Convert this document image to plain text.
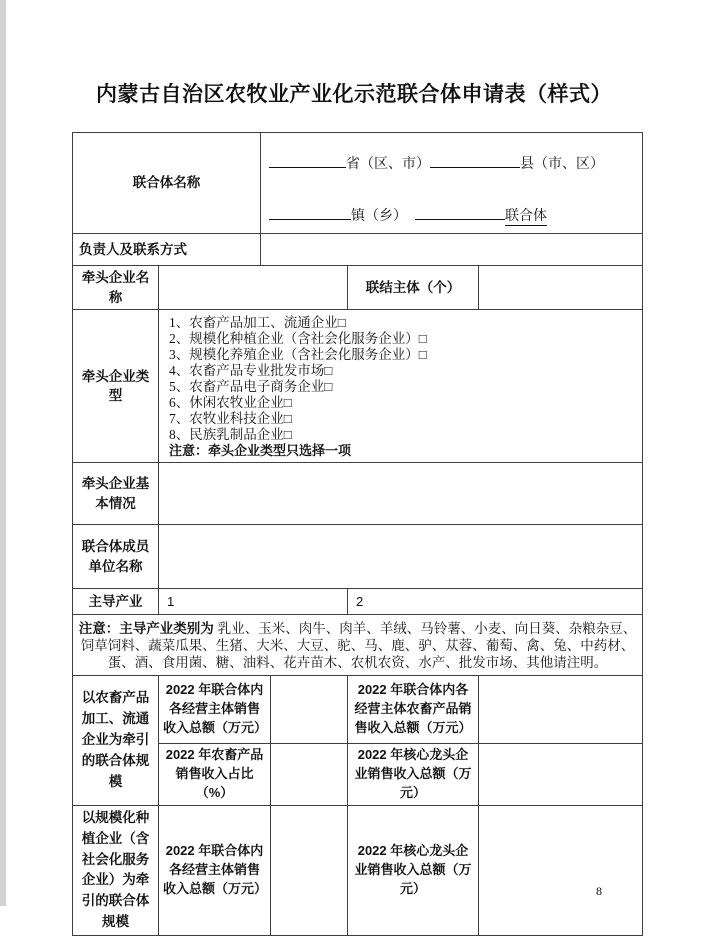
内蒙古自治区农牧业产业化示范联合体申请表（样式）
联合体名称		省（区、市） 县（市、区）
镇（乡） 联合体			

负责人及联系方式					
牵头企业名称				联结主体（个）	
牵头企业类型	
1、农畜产品加工、流通企业□
2、规模化种植企业（含社会化服务企业）□
3、规模化养殖企业（含社会化服务企业）□
4、农畜产品专业批发市场□
5、农畜产品电子商务企业□
6、休闲农牧业企业□
7、农牧业科技企业□
8、民族乳制品企业□
注意：牵头企业类型只选择一项

牵头企业基本情况					
联合体成员单位名称					
主导产业	1			2	
注意：主导产业类别为 乳业、玉米、肉牛、肉羊、羊绒、马铃薯、小麦、向日葵、杂粮杂豆、饲草饲料、蔬菜瓜果、生猪、大米、大豆、驼、马、鹿、驴、苁蓉、葡萄、禽、兔、中药材、蛋、酒、食用菌、糖、油料、花卉苗木、农机农资、水产、批发市场、其他请注明。					
以农畜产品加工、流通企业为牵引的联合体规模	2022 年联合体内各经营主体销售收入总额（万元）			2022 年联合体内各经营主体农畜产品销售收入总额（万元）	
	2022 年农畜产品销售收入占比（%）			2022 年核心龙头企业销售收入总额（万元）	
以规模化种植企业（含社会化服务企业）为牵引的联合体规模	2022 年联合体内各经营主体销售收入总额（万元）			2022 年核心龙头企业销售收入总额（万元）		8
